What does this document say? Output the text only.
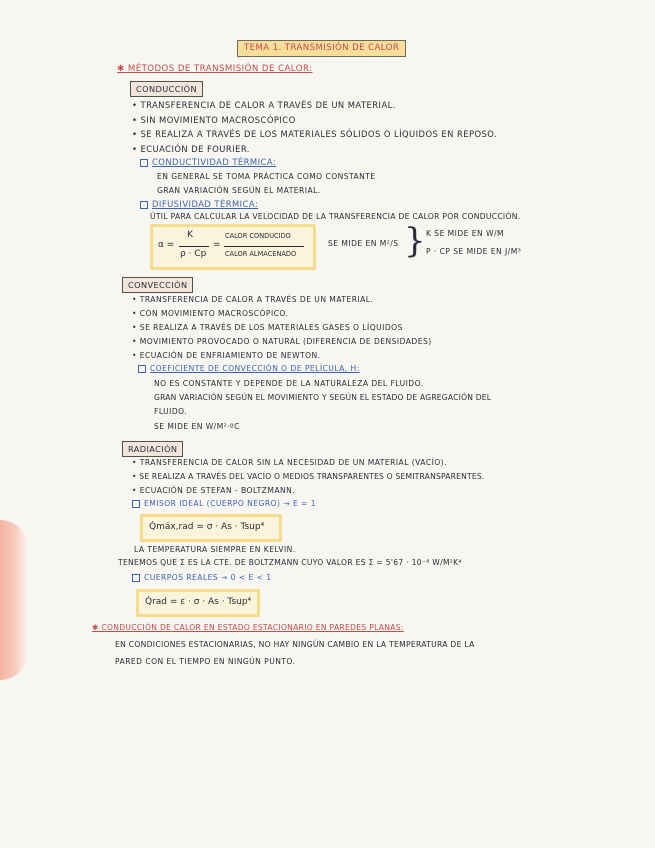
TEMA 1. TRANSMISIÓN DE CALOR
✱ MÉTODOS DE TRANSMISIÓN DE CALOR:
CONDUCCIÓN
• TRANSFERENCIA DE CALOR A TRAVÉS DE UN MATERIAL.
• SIN MOVIMIENTO MACROSCÓPICO
• SE REALIZA A TRAVÉS DE LOS MATERIALES SÓLIDOS O LÍQUIDOS EN REPOSO.
• ECUACIÓN DE FOURIER.
CONDUCTIVIDAD TÉRMICA:
EN GENERAL SE TOMA PRÁCTICA COMO CONSTANTE
GRAN VARIACIÓN SEGÚN EL MATERIAL.
DIFUSIVIDAD TÉRMICA:
ÚTIL PARA CALCULAR LA VELOCIDAD DE LA TRANSFERENCIA DE CALOR POR CONDUCCIÓN.
α =
K
ρ · Cp
=
CALOR CONDUCIDO
CALOR ALMACENADO
SE MIDE EN M²/S } K SE MIDE EN W/M
Ρ · CP SE MIDE EN J/M³
CONVECCIÓN
• TRANSFERENCIA DE CALOR A TRAVÉS DE UN MATERIAL.
• CON MOVIMIENTO MACROSCÓPICO.
• SE REALIZA A TRAVÉS DE LOS MATERIALES GASES O LÍQUIDOS
• MOVIMIENTO PROVOCADO O NATURAL (DIFERENCIA DE DENSIDADES)
• ECUACIÓN DE ENFRIAMIENTO DE NEWTON.
COEFICIENTE DE CONVECCIÓN O DE PELÍCULA, H:
NO ES CONSTANTE Y DEPENDE DE LA NATURALEZA DEL FLUIDO.
GRAN VARIACIÓN SEGÚN EL MOVIMIENTO Y SEGÚN EL ESTADO DE AGREGACIÓN DEL
FLUIDO.
SE MIDE EN W/M²·ºC
RADIACIÓN
• TRANSFERENCIA DE CALOR SIN LA NECESIDAD DE UN MATERIAL (VACÍO).
• SE REALIZA A TRAVÉS DEL VACÍO O MEDIOS TRANSPARENTES O SEMITRANSPARENTES.
• ECUACIÓN DE STEFAN - BOLTZMANN.
EMISOR IDEAL (CUERPO NEGRO) → Ε = 1
Q̇máx,rad = σ · As · Tsup⁴
LA TEMPERATURA SIEMPRE EN KELVIN.
TENEMOS QUE Σ ES LA CTE. DE BOLTZMANN CUYO VALOR ES Σ = 5'67 · 10⁻⁸ W/M²K⁴
CUERPOS REALES → 0 < Ε < 1
Q̇rad = ε · σ · As · Tsup⁴
✱ CONDUCCIÓN DE CALOR EN ESTADO ESTACIONARIO EN PAREDES PLANAS:
EN CONDICIONES ESTACIONARIAS, NO HAY NINGÚN CAMBIO EN LA TEMPERATURA DE LA
PARED CON EL TIEMPO EN NINGÚN PUNTO.
